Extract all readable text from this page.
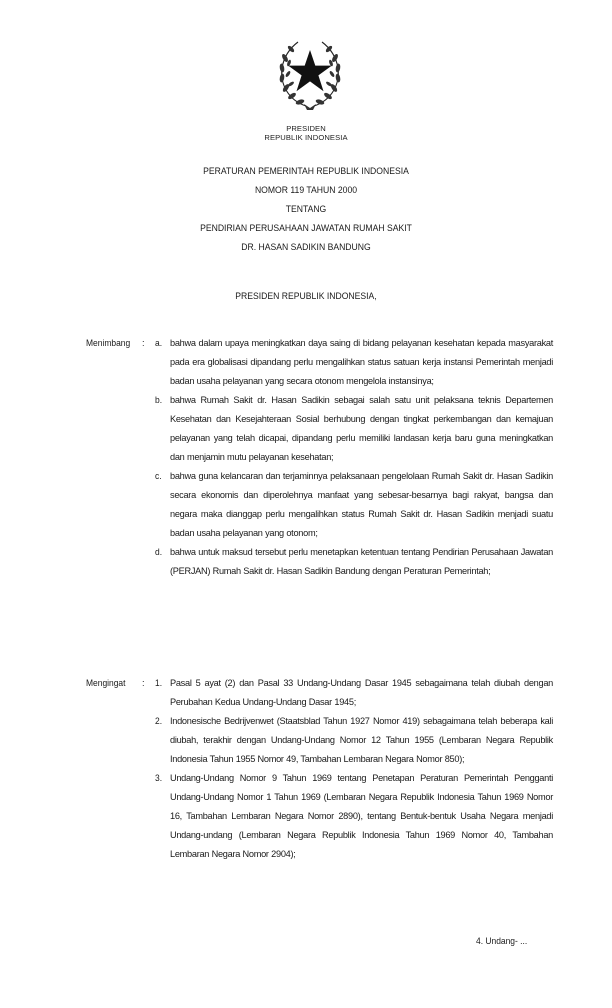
PRESIDEN
REPUBLIK INDONESIA
PERATURAN PEMERINTAH REPUBLIK INDONESIA
NOMOR 119 TAHUN 2000
TENTANG
PENDIRIAN PERUSAHAAN JAWATAN RUMAH SAKIT
DR. HASAN SADIKIN BANDUNG
PRESIDEN REPUBLIK INDONESIA,
Menimbang : a. bahwa dalam upaya meningkatkan daya saing di bidang pelayanan kesehatan kepada masyarakat pada era globalisasi dipandang perlu mengalihkan status satuan kerja instansi Pemerintah menjadi badan usaha pelayanan yang secara otonom mengelola instansinya;
b. bahwa Rumah Sakit dr. Hasan Sadikin sebagai salah satu unit pelaksana teknis Departemen Kesehatan dan Kesejahteraan Sosial berhubung dengan tingkat perkembangan dan kemajuan pelayanan yang telah dicapai, dipandang perlu memiliki landasan kerja baru guna meningkatkan dan menjamin mutu pelayanan kesehatan;
c. bahwa guna kelancaran dan terjaminnya pelaksanaan pengelolaan Rumah Sakit dr. Hasan Sadikin secara ekonomis dan diperolehnya manfaat yang sebesar-besarnya bagi rakyat, bangsa dan negara maka dianggap perlu mengalihkan status Rumah Sakit dr. Hasan Sadikin menjadi suatu badan usaha pelayanan yang otonom;
d. bahwa untuk maksud tersebut perlu menetapkan ketentuan tentang Pendirian Perusahaan Jawatan (PERJAN) Rumah Sakit dr. Hasan Sadikin Bandung dengan Peraturan Pemerintah;
Mengingat : 1. Pasal 5 ayat (2) dan Pasal 33 Undang-Undang Dasar 1945 sebagaimana telah diubah dengan Perubahan Kedua Undang-Undang Dasar 1945;
2. Indonesische Bedrijvenwet (Staatsblad Tahun 1927 Nomor 419) sebagaimana telah beberapa kali diubah, terakhir dengan Undang-Undang Nomor 12 Tahun 1955 (Lembaran Negara Republik Indonesia Tahun 1955 Nomor 49, Tambahan Lembaran Negara Nomor 850);
3. Undang-Undang Nomor 9 Tahun 1969 tentang Penetapan Peraturan Pemerintah Pengganti Undang-Undang Nomor 1 Tahun 1969 (Lembaran Negara Republik Indonesia Tahun 1969 Nomor 16, Tambahan Lembaran Negara Nomor 2890), tentang Bentuk-bentuk Usaha Negara menjadi Undang-undang (Lembaran Negara Republik Indonesia Tahun 1969 Nomor 40, Tambahan Lembaran Negara Nomor 2904);
4. Undang- ...
